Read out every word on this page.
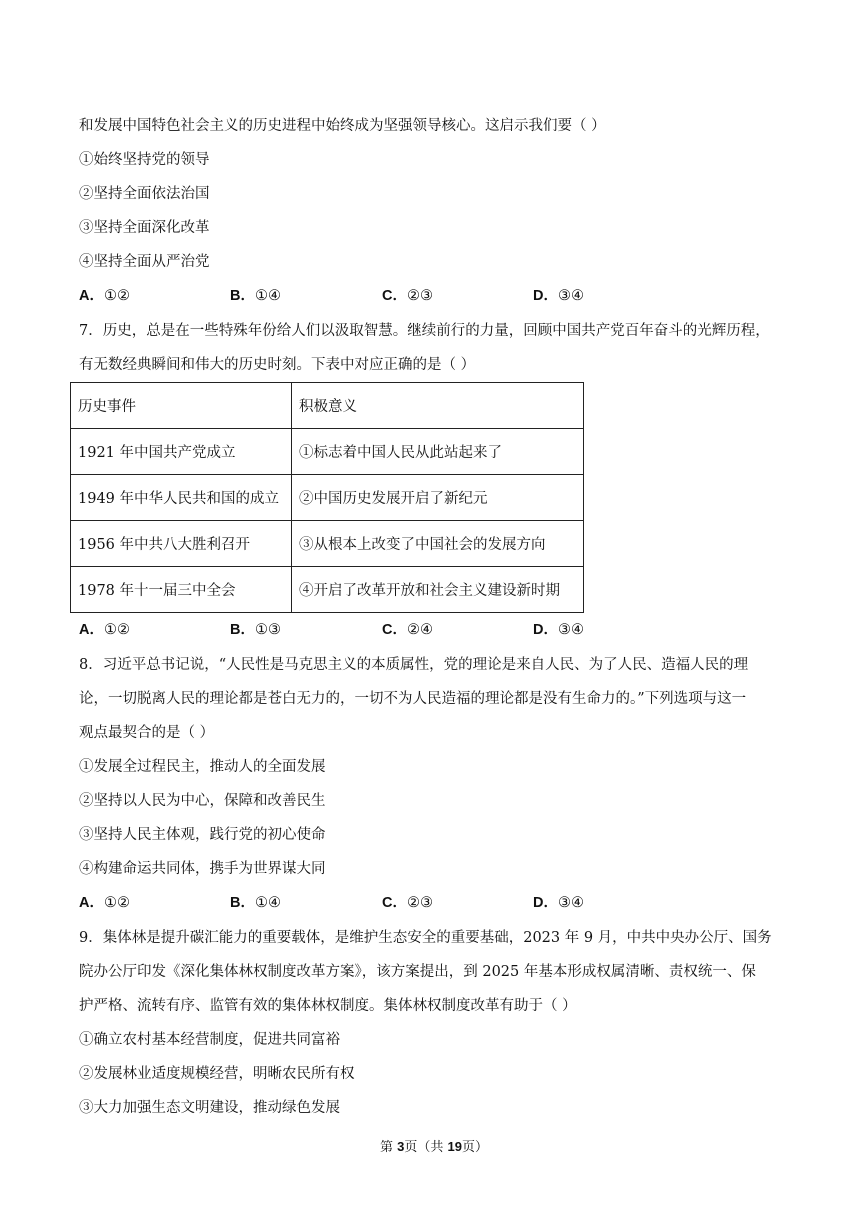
和发展中国特色社会主义的历史进程中始终成为坚强领导核心。这启示我们要（ ）
①始终坚持党的领导
②坚持全面依法治国
③坚持全面深化改革
④坚持全面从严治党
A．①②	B．①④	C．②③	D．③④
7．历史，总是在一些特殊年份给人们以汲取智慧。继续前行的力量，回顾中国共产党百年奋斗的光辉历程，
有无数经典瞬间和伟大的历史时刻。下表中对应正确的是（ ）
历史事件	积极意义
1921 年中国共产党成立	①标志着中国人民从此站起来了
1949 年中华人民共和国的成立	②中国历史发展开启了新纪元
1956 年中共八大胜利召开	③从根本上改变了中国社会的发展方向
1978 年十一届三中全会	④开启了改革开放和社会主义建设新时期
A．①②	B．①③	C．②④	D．③④
8．习近平总书记说，“人民性是马克思主义的本质属性，党的理论是来自人民、为了人民、造福人民的理
论，一切脱离人民的理论都是苍白无力的，一切不为人民造福的理论都是没有生命力的。”下列选项与这一
观点最契合的是（ ）
①发展全过程民主，推动人的全面发展
②坚持以人民为中心，保障和改善民生
③坚持人民主体观，践行党的初心使命
④构建命运共同体，携手为世界谋大同
A．①②	B．①④	C．②③	D．③④
9．集体林是提升碳汇能力的重要载体，是维护生态安全的重要基础，2023 年 9 月，中共中央办公厅、国务
院办公厅印发《深化集体林权制度改革方案》，该方案提出，到 2025 年基本形成权属清晰、责权统一、保
护严格、流转有序、监管有效的集体林权制度。集体林权制度改革有助于（ ）
①确立农村基本经营制度，促进共同富裕
②发展林业适度规模经营，明晰农民所有权
③大力加强生态文明建设，推动绿色发展
第 3页（共 19页）
